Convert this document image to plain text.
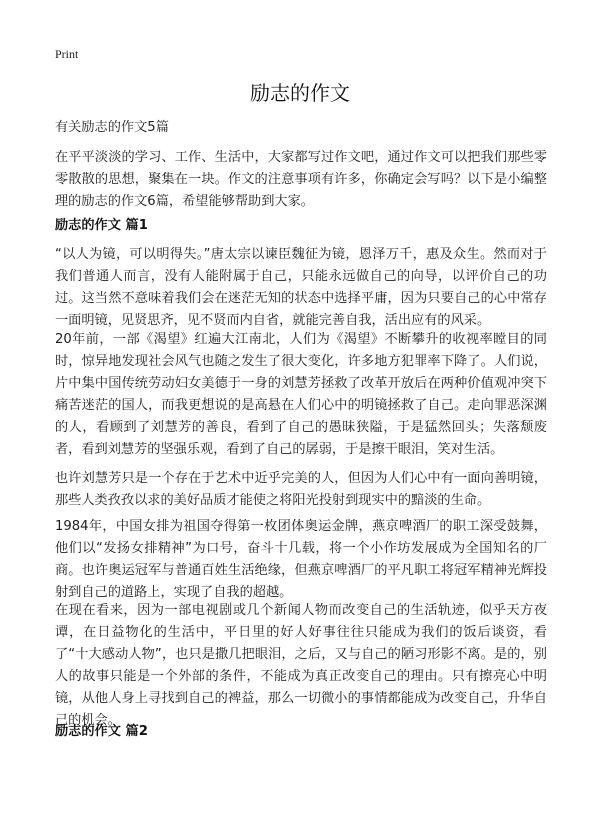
Print
励志的作文
有关励志的作文5篇
在平平淡淡的学习、工作、生活中，大家都写过作文吧，通过作文可以把我们那些零零散散的思想，聚集在一块。作文的注意事项有许多，你确定会写吗？以下是小编整理的励志的作文6篇，希望能够帮助到大家。
励志的作文 篇1
“以人为镜，可以明得失。”唐太宗以谏臣魏征为镜，恩泽万千，惠及众生。然而对于我们普通人而言，没有人能附属于自己，只能永远做自己的向导，以评价自己的功过。这当然不意味着我们会在迷茫无知的状态中选择平庸，因为只要自己的心中常存一面明镜，见贤思齐，见不贤而内自省，就能完善自我，活出应有的风采。
20年前，一部《渴望》红遍大江南北，人们为《渴望》不断攀升的收视率瞠目的同时，惊异地发现社会风气也随之发生了很大变化，许多地方犯罪率下降了。人们说，片中集中国传统劳动妇女美德于一身的刘慧芳拯救了改革开放后在两种价值观冲突下痛苦迷茫的国人，而我更想说的是高悬在人们心中的明镜拯救了自己。走向罪恶深渊的人，看顾到了刘慧芳的善良，看到了自己的愚昧狭隘，于是猛然回头；失落颓废者，看到刘慧芳的坚强乐观，看到了自己的孱弱，于是擦干眼泪，笑对生活。
也许刘慧芳只是一个存在于艺术中近乎完美的人，但因为人们心中有一面向善明镜，那些人类孜孜以求的美好品质才能使之将阳光投射到现实中的黯淡的生命。
1984年，中国女排为祖国夺得第一枚团体奥运金牌，燕京啤酒厂的职工深受鼓舞，他们以“发扬女排精神”为口号，奋斗十几载，将一个小作坊发展成为全国知名的厂商。也许奥运冠军与普通百姓生活绝缘，但燕京啤酒厂的平凡职工将冠军精神光辉投射到自己的道路上，实现了自我的超越。
在现在看来，因为一部电视剧或几个新闻人物而改变自己的生活轨迹，似乎天方夜谭，在日益物化的生活中，平日里的好人好事往往只能成为我们的饭后谈资，看了“十大感动人物”，也只是撒几把眼泪，之后，又与自己的陋习形影不离。是的，别人的故事只能是一个外部的条件，不能成为真正改变自己的理由。只有擦亮心中明镜，从他人身上寻找到自己的裨益，那么一切微小的事情都能成为改变自己，升华自己的机会。
励志的作文 篇2
